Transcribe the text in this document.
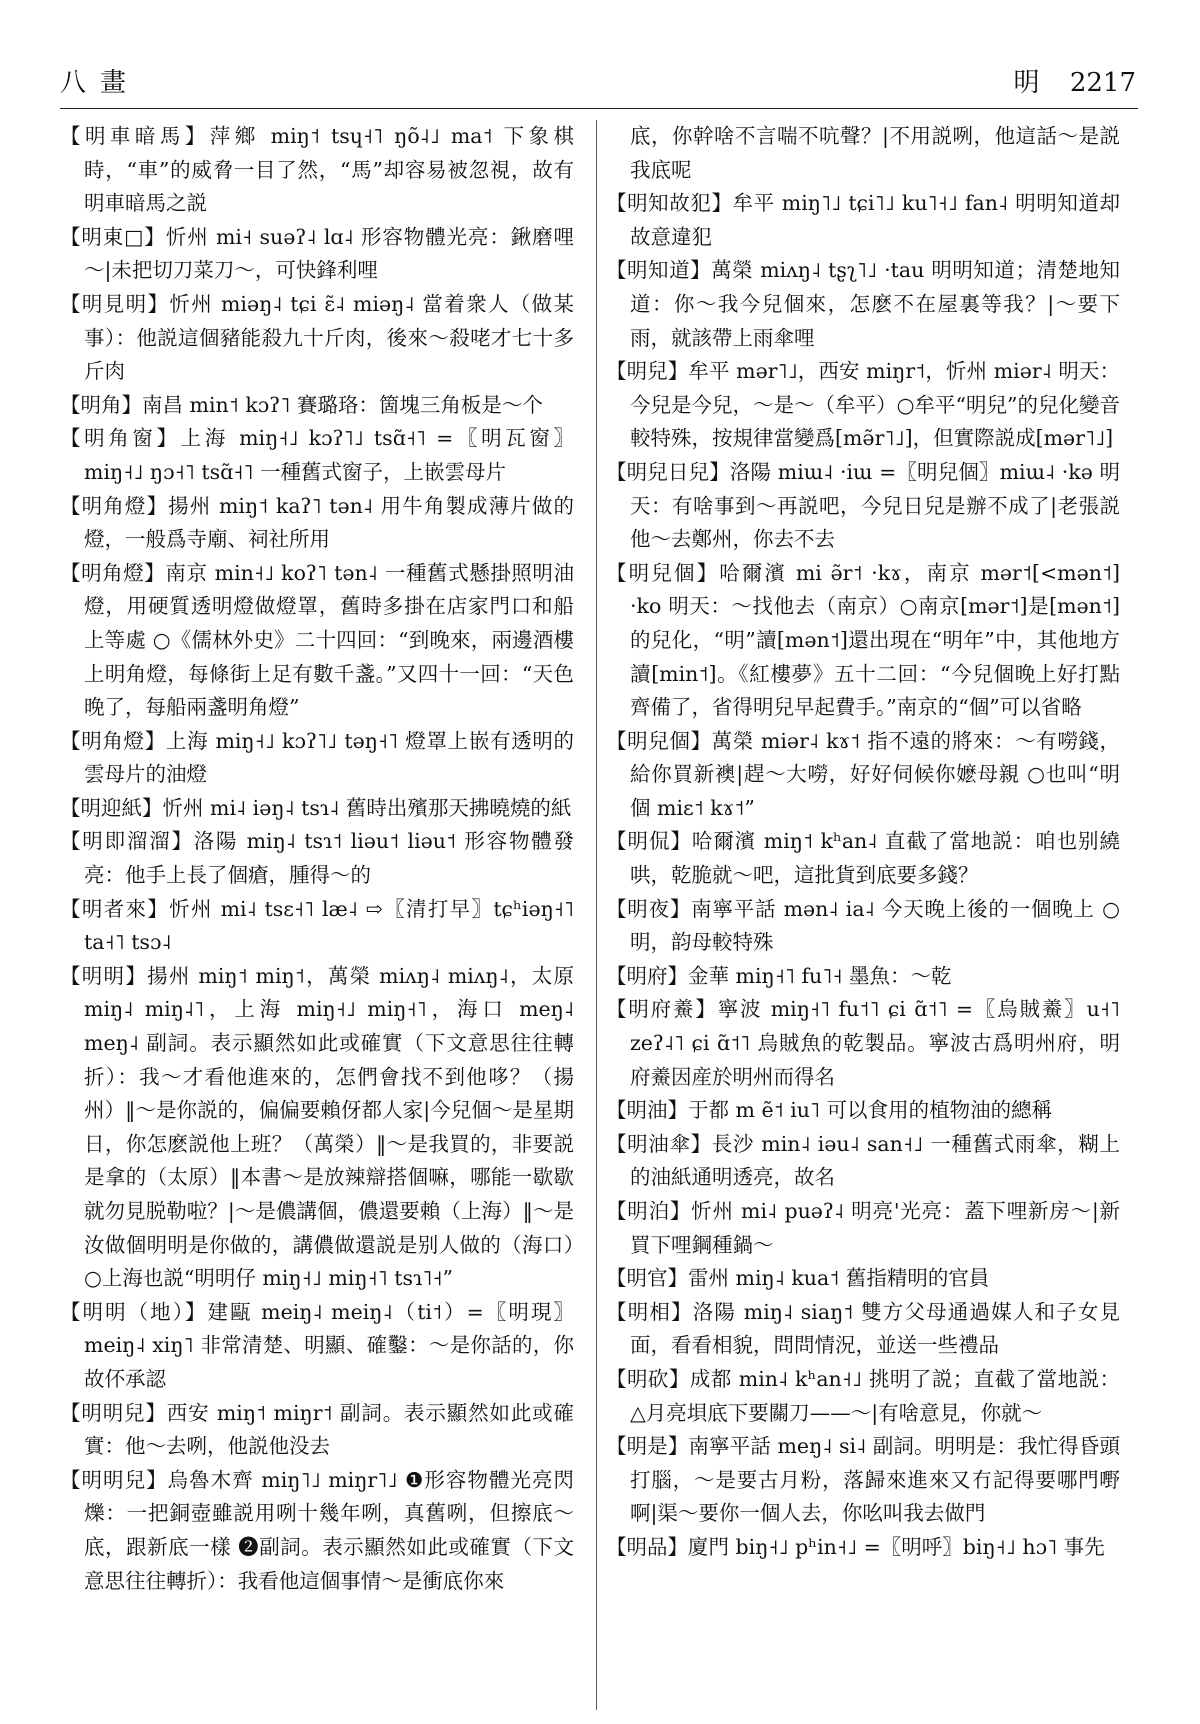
八畫	明 2217

【 明車暗馬 】 萍鄉 miŋ˦ tsɥ˧˥ ŋõ˨˩ ma˦ 下象棋時，“車”的威脅一目了然，“馬”却容易被忽視，故有明車暗馬之説

【 明東□ 】 忻州 mi˧ suəʔ˨ lɑ˨ 形容物體光亮：鍬磨哩～|未把切刀菜刀～，可快鋒利哩

【 明見明 】 忻州 miəŋ˨ tɕi ɛ̃˨ miəŋ˨ 當着衆人（做某事）：他説這個豬能殺九十斤肉，後來～殺咾才七十多斤肉

【 明角 】 南昌 min˦ kɔʔ˥ 賽璐珞：箇塊三角板是～个

【 明角窗 】 上海 miŋ˧˩ kɔʔ˥˩ tsɑ̃˧˥ =〖明瓦窗〗miŋ˧˩ ŋɔ˧˥ tsɑ̃˧˥ 一種舊式窗子，上嵌雲母片

【 明角燈 】 揚州 miŋ˦ kaʔ˥ tən˨ 用牛角製成薄片做的燈，一般爲寺廟、祠社所用

【 明角燈 】 南京 min˧˩ koʔ˥ tən˨ 一種舊式懸掛照明油燈，用硬質透明燈做燈罩，舊時多掛在店家門口和船上等處 ○《儒林外史》二十四回：“到晚來，兩邊酒樓上明角燈，每條街上足有數千盞。”又四十一回：“天色晚了，每船兩盞明角燈”

【 明角燈 】 上海 miŋ˧˩ kɔʔ˥˩ təŋ˧˥ 燈罩上嵌有透明的雲母片的油燈

【 明迎紙 】 忻州 mi˨ iəŋ˨ tsɿ˨ 舊時出殯那天拂曉燒的紙

【 明即溜溜 】 洛陽 miŋ˨ tsɿ˦ liəu˦ liəu˦ 形容物體發亮：他手上長了個瘡，腫得～的

【 明者來 】 忻州 mi˨ tsɛ˧˥ læ˨ ⇨〖清打早〗tɕʰiəŋ˧˥ ta˧˥ tsɔ˨

【 明明 】 揚州 miŋ˦ miŋ˦，萬榮 miʌŋ˨ miʌŋ˨，太原 miŋ˨ miŋ˨˥，上海 miŋ˧˩ miŋ˧˥，海口 meŋ˨ meŋ˨ 副詞。表示顯然如此或確實（下文意思往往轉折）：我～才看他進來的，怎們會找不到他哆？（揚州）‖～是你説的，偏偏要賴伢都人家|今兒個～是星期日，你怎麽説他上班？（萬榮）‖～是我買的，非要説是拿的（太原）‖本書～是放辣辯搭個嘛，哪能一歇歇就勿見脱勒啦？|～是儂講個，儂還要賴（上海）‖～是汝做個明明是你做的，講儂做還説是别人做的（海口）○上海也説“明明仔 miŋ˧˩ miŋ˧˥ tsɿ˥˧”

【 明明（地） 】 建甌 meiŋ˨ meiŋ˨（ti˦）=〖明現〗meiŋ˨ xiŋ˥ 非常清楚、明顯、確鑿：～是你話的，你故伓承認

【 明明兒 】 西安 miŋ˦ miŋr˦ 副詞。表示顯然如此或確實：他～去咧，他説他没去

【 明明兒 】 烏魯木齊 miŋ˥˩ miŋr˥˩ ❶形容物體光亮閃爍：一把銅壺雖説用咧十幾年咧，真舊咧，但擦底～底，跟新底一樣 ❷副詞。表示顯然如此或確實（下文意思往往轉折）：我看他這個事情～是衝底你來

底，你幹啥不言喘不吭聲？|不用説咧，他這話～是説我底呢

【 明知故犯 】 牟平 miŋ˥˩ tɕi˥˩ ku˥˧˩ fan˨ 明明知道却故意違犯

【 明知道 】 萬榮 miʌŋ˨ tʂʅ˥˩ ·tau 明明知道；清楚地知道：你～我今兒個來，怎麽不在屋裏等我？|～要下雨，就該帶上雨傘哩

【 明兒 】 牟平 mər˥˩，西安 miŋr˦，忻州 miər˨ 明天：今兒是今兒，～是～（牟平）○牟平“明兒”的兒化變音較特殊，按規律當變爲[mə̃r˥˩]，但實際説成[mər˥˩]

【 明兒日兒 】 洛陽 miɯ˨ ·iɯ =〖明兒個〗miɯ˨ ·kə 明天：有啥事到～再説吧，今兒日兒是辦不成了|老張説他～去鄭州，你去不去

【 明兒個 】 哈爾濱 mi ə̃r˦ ·kɤ，南京 mər˦[<mən˦] ·ko 明天：～找他去（南京）○南京[mər˦]是[mən˦]的兒化，“明”讀[mən˦]還出現在“明年”中，其他地方讀[min˦]。《紅樓夢》五十二回：“今兒個晚上好打點齊備了，省得明兒早起費手。”南京的“個”可以省略

【 明兒個 】 萬榮 miər˨ kɤ˦ 指不遠的將來：～有嘮錢，給你買新襖|趕～大嘮，好好伺候你嬷母親 ○也叫“明個 miɛ˦ kɤ˦”

【 明侃 】 哈爾濱 miŋ˦ kʰan˨ 直截了當地説：咱也别繞哄，乾脆就～吧，這批貨到底要多錢？

【 明夜 】 南寧平話 mən˨ ia˨ 今天晚上後的一個晚上 ○明，韵母較特殊

【 明府 】 金華 miŋ˧˥ fu˥˧ 墨魚：～乾

【 明府鯗 】 寧波 miŋ˧˥ fu˦˥ ɕi ɑ̃˦˥ =〖烏賊鯗〗u˧˥ zeʔ˨˥ ɕi ɑ̃˦˥ 烏賊魚的乾製品。寧波古爲明州府，明府鯗因産於明州而得名

【 明油 】 于都 m ẽ˦ iu˥ 可以食用的植物油的總稱

【 明油傘 】 長沙 min˨ iəu˨ san˧˩ 一種舊式雨傘，糊上的油紙通明透亮，故名

【 明泊 】 忻州 mi˨ puəʔ˨ 明亮'光亮：蓋下哩新房～|新買下哩鋼種鍋～

【 明官 】 雷州 miŋ˨ kua˦ 舊指精明的官員

【 明相 】 洛陽 miŋ˨ siaŋ˦ 雙方父母通過媒人和子女見面，看看相貌，問問情況，並送一些禮品

【 明砍 】 成都 min˨ kʰan˧˩ 挑明了説；直截了當地説：△月亮垻底下要關刀——～|有啥意見，你就～

【 明是 】 南寧平話 meŋ˨ si˨ 副詞。明明是：我忙得昏頭打腦，～是要古月粉，落歸來進來又冇記得要哪門嘢啊|渠～要你一個人去，你吆叫我去做門

【 明品 】 廈門 biŋ˧˩ pʰin˧˩ =〖明呼〗biŋ˧˩ hɔ˥ 事先
